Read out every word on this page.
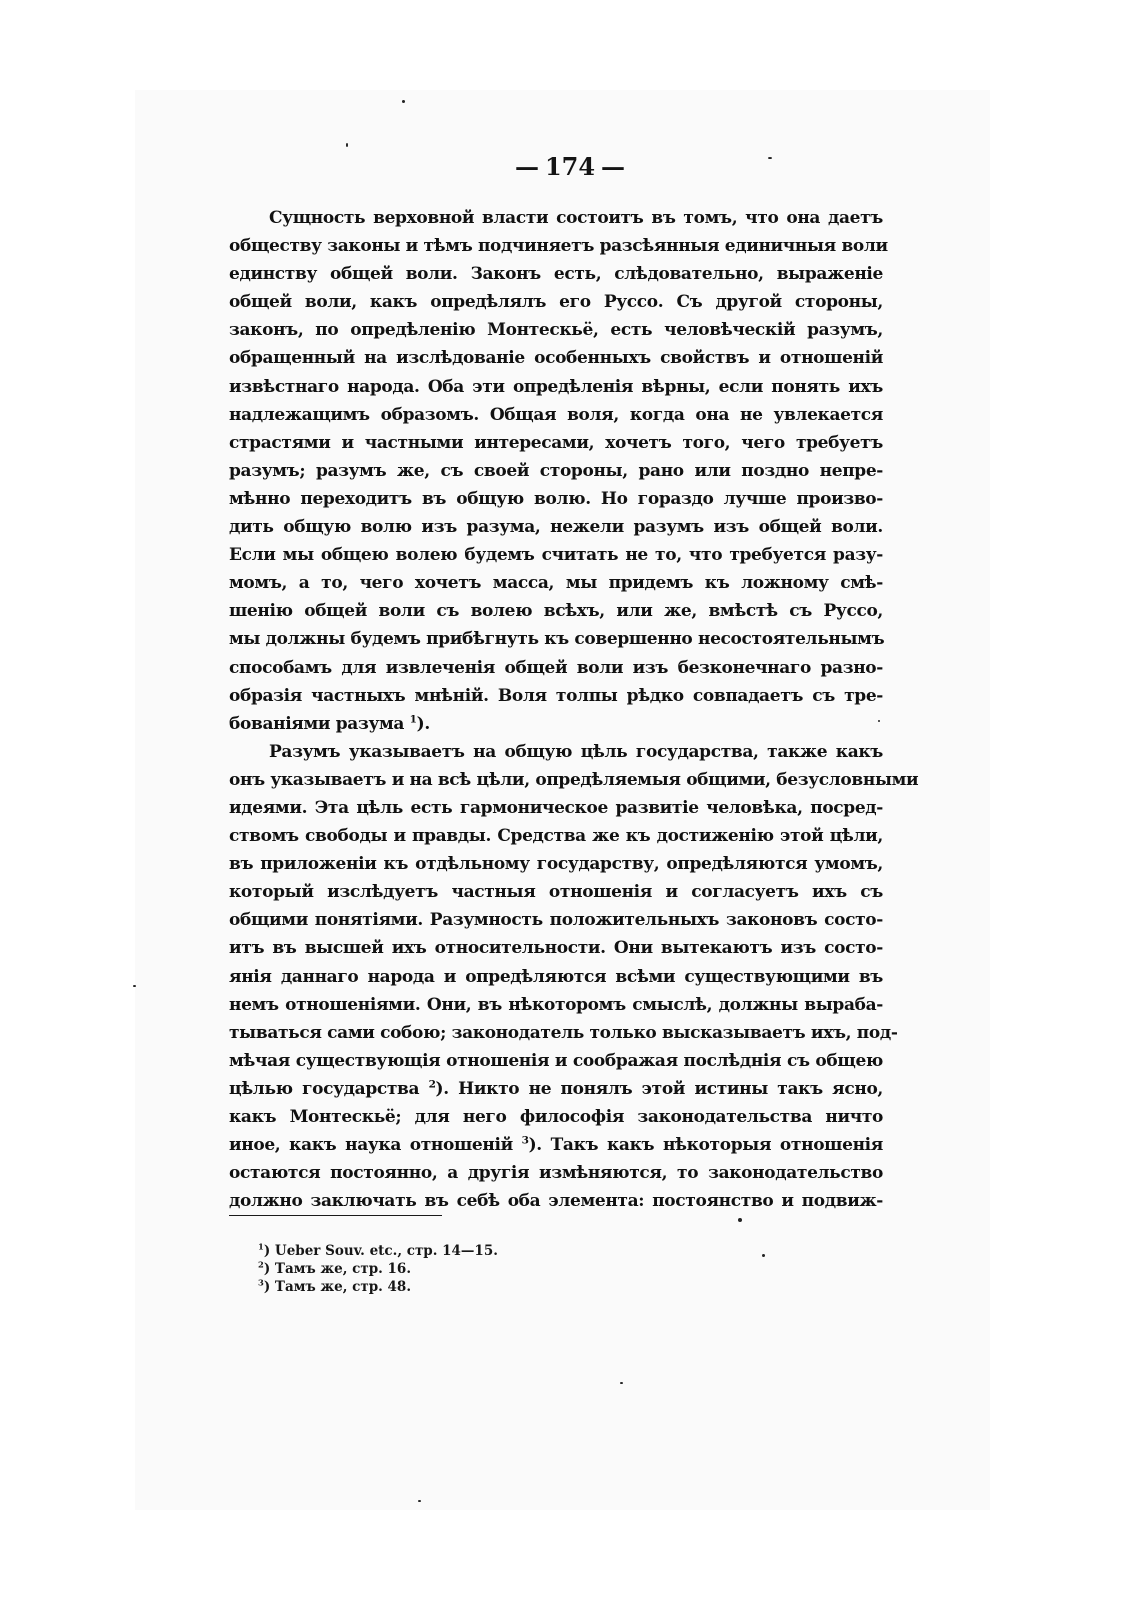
— 174 —
Сущность верховной власти состоитъ въ томъ, что она даетъ
обществу законы и тѣмъ подчиняетъ разсѣянныя единичныя воли
единству общей воли. Законъ есть, слѣдовательно, выраженіе
общей воли, какъ опредѣлялъ его Руссо. Съ другой стороны,
законъ, по опредѣленію Монтескьё, есть человѣческій разумъ,
обращенный на изслѣдованіе особенныхъ свойствъ и отношеній
извѣстнаго народа. Оба эти опредѣленія вѣрны, если понять ихъ
надлежащимъ образомъ. Общая воля, когда она не увлекается
страстями и частными интересами, хочетъ того, чего требуетъ
разумъ; разумъ же, съ своей стороны, рано или поздно непре-
мѣнно переходитъ въ общую волю. Но гораздо лучше произво-
дить общую волю изъ разума, нежели разумъ изъ общей воли.
Если мы общею волею будемъ считать не то, что требуется разу-
момъ, а то, чего хочетъ масса, мы придемъ къ ложному смѣ-
шенію общей воли съ волею всѣхъ, или же, вмѣстѣ съ Руссо,
мы должны будемъ прибѣгнуть къ совершенно несостоятельнымъ
способамъ для извлеченія общей воли изъ безконечнаго разно-
образія частныхъ мнѣній. Воля толпы рѣдко совпадаетъ съ тре-
бованіями разума $^1$).
Разумъ указываетъ на общую цѣль государства, также какъ
онъ указываетъ и на всѣ цѣли, опредѣляемыя общими, безусловными
идеями. Эта цѣль есть гармоническое развитіе человѣка, посред-
ствомъ свободы и правды. Средства же къ достиженію этой цѣли,
въ приложеніи къ отдѣльному государству, опредѣляются умомъ,
который изслѣдуетъ частныя отношенія и согласуетъ ихъ съ
общими понятіями. Разумность положительныхъ законовъ состо-
итъ въ высшей ихъ относительности. Они вытекаютъ изъ состо-
янія даннаго народа и опредѣляются всѣми существующими въ
немъ отношеніями. Они, въ нѣкоторомъ смыслѣ, должны выраба-
тываться сами собою; законодатель только высказываетъ ихъ, под-
мѣчая существующія отношенія и соображая послѣднія съ общею
цѣлью государства $^2$). Никто не понялъ этой истины такъ ясно,
какъ Монтескьё; для него философія законодательства ничто
иное, какъ наука отношеній $^3$). Такъ какъ нѣкоторыя отношенія
остаются постоянно, а другія измѣняются, то законодательство
должно заключать въ себѣ оба элемента: постоянство и подвиж-
$^1$) Ueber Souv. etc., стр. 14—15.
$^2$) Тамъ же, стр. 16.
$^3$) Тамъ же, стр. 48.
